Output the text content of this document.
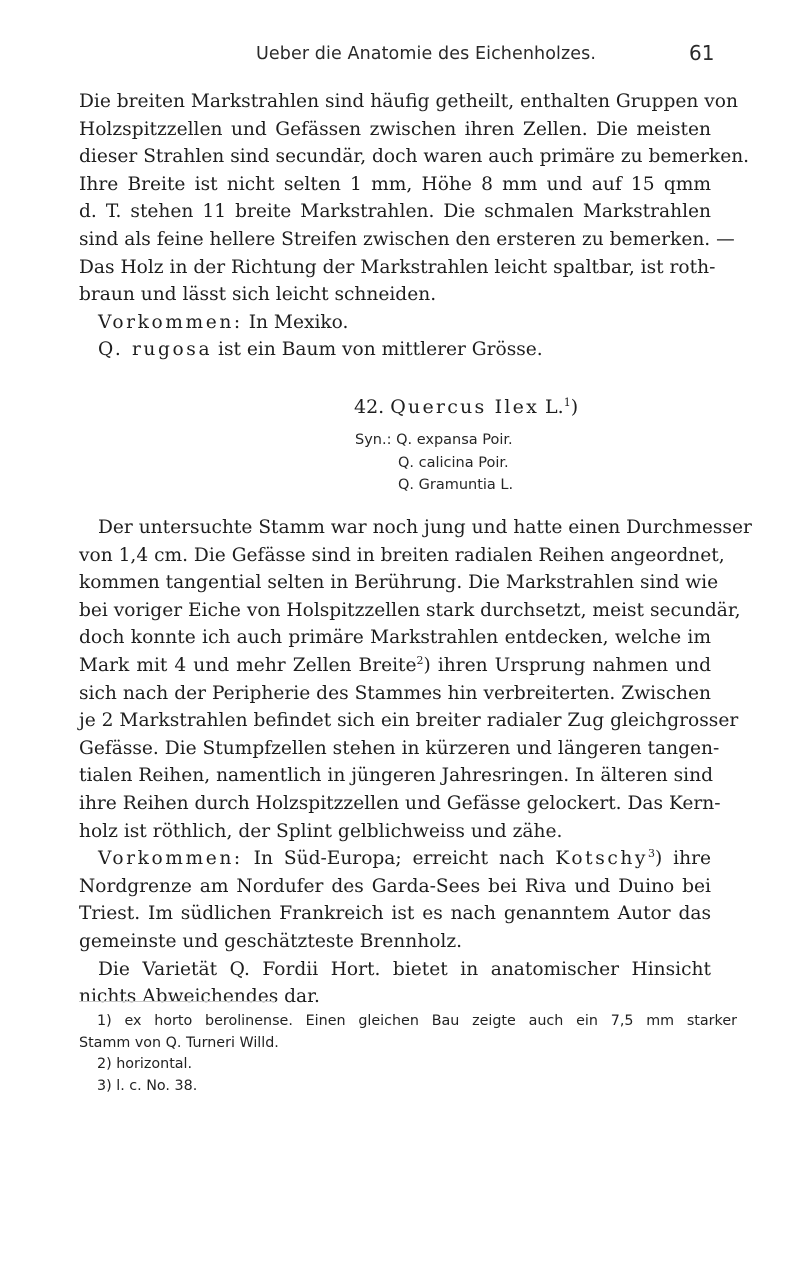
Ueber die Anatomie des Eichenholzes.	61
Die breiten Markstrahlen sind häufig getheilt, enthalten Gruppen von
Holzspitzzellen und Gefässen zwischen ihren Zellen. Die meisten
dieser Strahlen sind secundär, doch waren auch primäre zu bemerken.
Ihre Breite ist nicht selten 1 mm, Höhe 8 mm und auf 15 qmm
d. T. stehen 11 breite Markstrahlen. Die schmalen Markstrahlen
sind als feine hellere Streifen zwischen den ersteren zu bemerken. —
Das Holz in der Richtung der Markstrahlen leicht spaltbar, ist roth-
braun und lässt sich leicht schneiden.
Vorkommen: In Mexiko.
Q. rugosa ist ein Baum von mittlerer Grösse.
42. Quercus Ilex L.$^1$)
Syn.: Q. expansa Poir.
Q. calicina Poir.
Q. Gramuntia L.
Der untersuchte Stamm war noch jung und hatte einen Durchmesser
von 1,4 cm. Die Gefässe sind in breiten radialen Reihen angeordnet,
kommen tangential selten in Berührung. Die Markstrahlen sind wie
bei voriger Eiche von Holspitzzellen stark durchsetzt, meist secundär,
doch konnte ich auch primäre Markstrahlen entdecken, welche im
Mark mit 4 und mehr Zellen Breite$^2$) ihren Ursprung nahmen und
sich nach der Peripherie des Stammes hin verbreiterten. Zwischen
je 2 Markstrahlen befindet sich ein breiter radialer Zug gleichgrosser
Gefässe. Die Stumpfzellen stehen in kürzeren und längeren tangen-
tialen Reihen, namentlich in jüngeren Jahresringen. In älteren sind
ihre Reihen durch Holzspitzzellen und Gefässe gelockert. Das Kern-
holz ist röthlich, der Splint gelblichweiss und zähe.
Vorkommen: In Süd-Europa; erreicht nach Kotschy$^3$) ihre
Nordgrenze am Nordufer des Garda-Sees bei Riva und Duino bei
Triest. Im südlichen Frankreich ist es nach genanntem Autor das
gemeinste und geschätzteste Brennholz.
Die Varietät Q. Fordii Hort. bietet in anatomischer Hinsicht
nichts Abweichendes dar.
1) ex horto berolinense. Einen gleichen Bau zeigte auch ein 7,5 mm starker
Stamm von Q. Turneri Willd.
2) horizontal.
3) l. c. No. 38.
